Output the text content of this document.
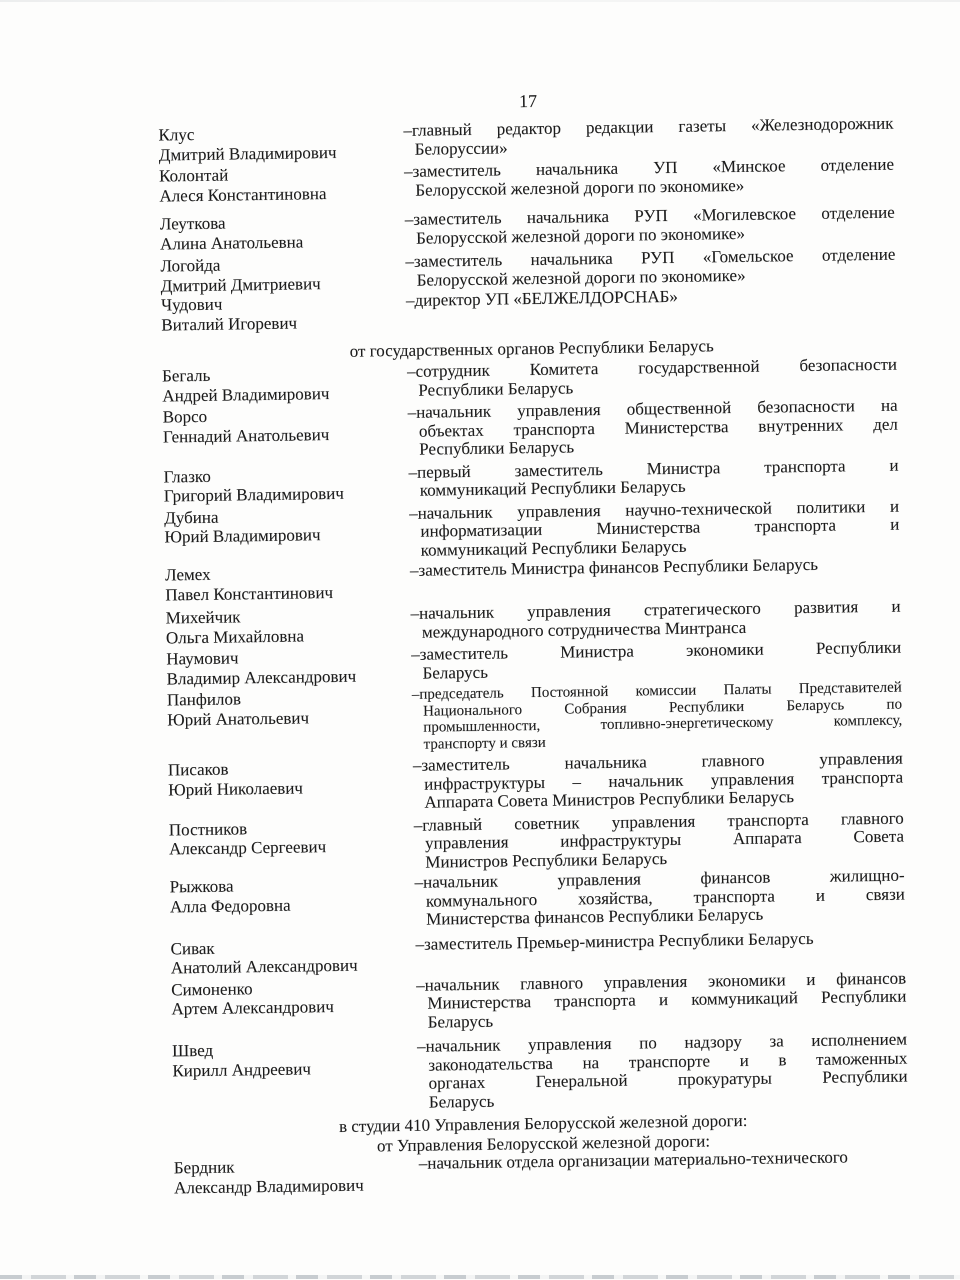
17
Клус
Дмитрий Владимирович
–главный редактор редакции газеты «Железнодорожник
Белоруссии»
Колонтай
Алеся Константиновна
–заместитель начальника УП «Минское отделение
Белорусской железной дороги по экономике»
Леуткова
Алина Анатольевна
–заместитель начальника РУП «Могилевское отделение
Белорусской железной дороги по экономике»
Логойда
Дмитрий Дмитриевич
–заместитель начальника РУП «Гомельское отделение
Белорусской железной дороги по экономике»
Чудович
Виталий Игоревич
–директор УП «БЕЛЖЕЛДОРСНАБ»
от государственных органов Республики Беларусь
Бегаль
Андрей Владимирович
–сотрудник Комитета государственной безопасности
Республики Беларусь
Ворсо
Геннадий Анатольевич
–начальник управления общественной безопасности на
объектах транспорта Министерства внутренних дел
Республики Беларусь
Глазко
Григорий Владимирович
–первый заместитель Министра транспорта и
коммуникаций Республики Беларусь
Дубина
Юрий Владимирович
–начальник управления научно-технической политики и
информатизации Министерства транспорта и
коммуникаций Республики Беларусь
Лемех
Павел Константинович
–заместитель Министра финансов Республики Беларусь
Михейчик
Ольга Михайловна
–начальник управления стратегического развития и
международного сотрудничества Минтранса
Наумович
Владимир Александрович
–заместитель Министра экономики Республики
Беларусь
Панфилов
Юрий Анатольевич
–председатель Постоянной комиссии Палаты Представителей
Национального Собрания Республики Беларусь по
промышленности, топливно-энергетическому комплексу,
транспорту и связи
Писаков
Юрий Николаевич
–заместитель начальника главного управления
инфраструктуры – начальник управления транспорта
Аппарата Совета Министров Республики Беларусь
Постников
Александр Сергеевич
–главный советник управления транспорта главного
управления инфраструктуры Аппарата Совета
Министров Республики Беларусь
Рыжкова
Алла Федоровна
–начальник управления финансов жилищно-
коммунального хозяйства, транспорта и связи
Министерства финансов Республики Беларусь
Сивак
Анатолий Александрович
–заместитель Премьер-министра Республики Беларусь
Симоненко
Артем Александрович
–начальник главного управления экономики и финансов
Министерства транспорта и коммуникаций Республики
Беларусь
Швед
Кирилл Андреевич
–начальник управления по надзору за исполнением
законодательства на транспорте и в таможенных
органах Генеральной прокуратуры Республики
Беларусь
в студии 410 Управления Белорусской железной дороги:
от Управления Белорусской железной дороги:
Бердник
Александр Владимирович
–начальник отдела организации материально-технического
